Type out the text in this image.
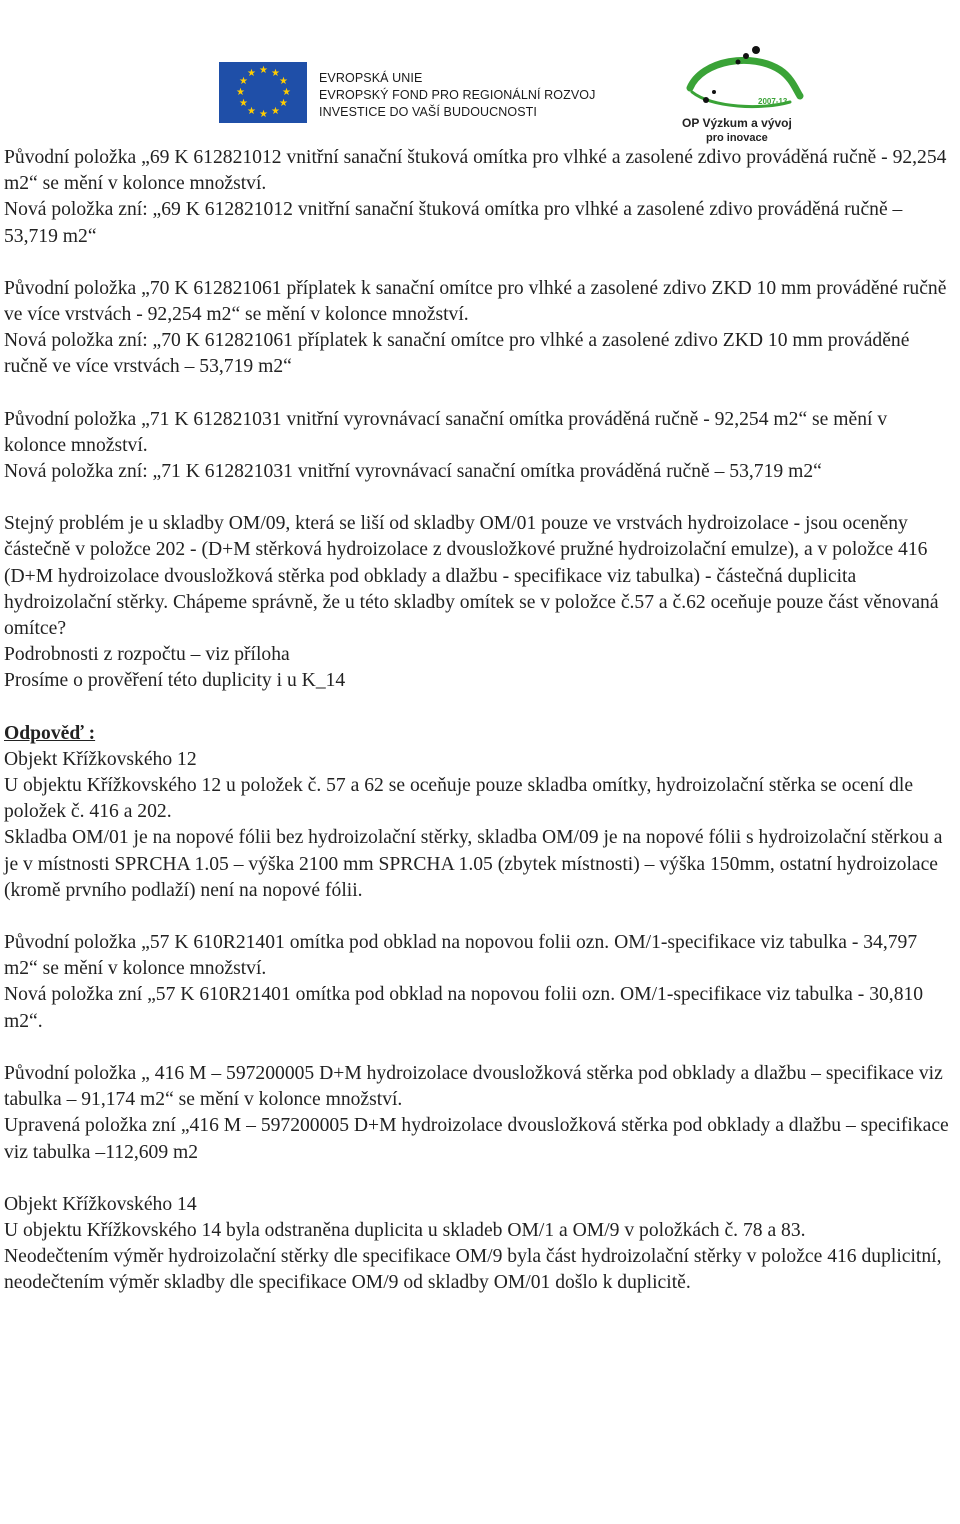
★ ★
★
★
★
★
★
★
★
★
★
★	EVROPSKÁ UNIE
EVROPSKÝ FOND PRO REGIONÁLNÍ ROZVOJ
INVESTICE DO VAŠÍ BUDOUCNOSTI
2007-13
OP Výzkum a vývoj
pro inovace

Původní položka „69 K 612821012 vnitřní sanační štuková omítka pro vlhké a zasolené zdivo prováděná ručně - 92,254 m2“ se mění v kolonce množství.
Nová položka zní: „69 K 612821012 vnitřní sanační štuková omítka pro vlhké a zasolené zdivo prováděná ručně – 53,719 m2“

Původní položka „70 K 612821061 příplatek k sanační omítce pro vlhké a zasolené zdivo ZKD 10 mm prováděné ručně ve více vrstvách - 92,254 m2“ se mění v kolonce množství.
Nová položka zní: „70 K 612821061 příplatek k sanační omítce pro vlhké a zasolené zdivo ZKD 10 mm prováděné ručně ve více vrstvách – 53,719 m2“

Původní položka „71 K 612821031 vnitřní vyrovnávací sanační omítka prováděná ručně - 92,254 m2“ se mění v kolonce množství.
Nová položka zní: „71 K 612821031 vnitřní vyrovnávací sanační omítka prováděná ručně – 53,719 m2“

Stejný problém je u skladby OM/09, která se liší od skladby OM/01 pouze ve vrstvách hydroizolace - jsou oceněny částečně v položce 202 - (D+M stěrková hydroizolace z dvousložkové pružné hydroizolační emulze), a v položce 416 (D+M hydroizolace dvousložková stěrka pod obklady a dlažbu - specifikace viz tabulka) - částečná duplicita hydroizolační stěrky. Chápeme správně, že u této skladby omítek se v položce č.57 a č.62 oceňuje pouze část věnovaná omítce?
Podrobnosti z rozpočtu – viz příloha
Prosíme o prověření této duplicity i u K_14

Odpověď :

Objekt Křížkovského 12
U objektu Křížkovského 12 u položek č. 57 a 62 se oceňuje pouze skladba omítky, hydroizolační stěrka se ocení dle položek č. 416 a 202.
Skladba OM/01 je na nopové fólii bez hydroizolační stěrky, skladba OM/09 je na nopové fólii s hydroizolační stěrkou a je v místnosti SPRCHA 1.05 – výška 2100 mm SPRCHA 1.05 (zbytek místnosti) – výška 150mm, ostatní hydroizolace (kromě prvního podlaží) není na nopové fólii.

Původní položka „57 K 610R21401 omítka pod obklad na nopovou folii ozn. OM/1-specifikace viz tabulka - 34,797 m2“ se mění v kolonce množství.
Nová položka zní „57 K 610R21401 omítka pod obklad na nopovou folii ozn. OM/1-specifikace viz tabulka - 30,810 m2“.

Původní položka „ 416 M – 597200005 D+M hydroizolace dvousložková stěrka pod obklady a dlažbu – specifikace viz tabulka – 91,174 m2“ se mění v kolonce množství.
Upravená položka zní „416 M – 597200005 D+M hydroizolace dvousložková stěrka pod obklady a dlažbu – specifikace viz tabulka –112,609 m2

Objekt Křížkovského 14
U objektu Křížkovského 14 byla odstraněna duplicita u skladeb OM/1 a OM/9 v položkách č. 78 a 83.
Neodečtením výměr hydroizolační stěrky dle specifikace OM/9 byla část hydroizolační stěrky v položce 416 duplicitní, neodečtením výměr skladby dle specifikace OM/9 od skladby OM/01 došlo k duplicitě.
